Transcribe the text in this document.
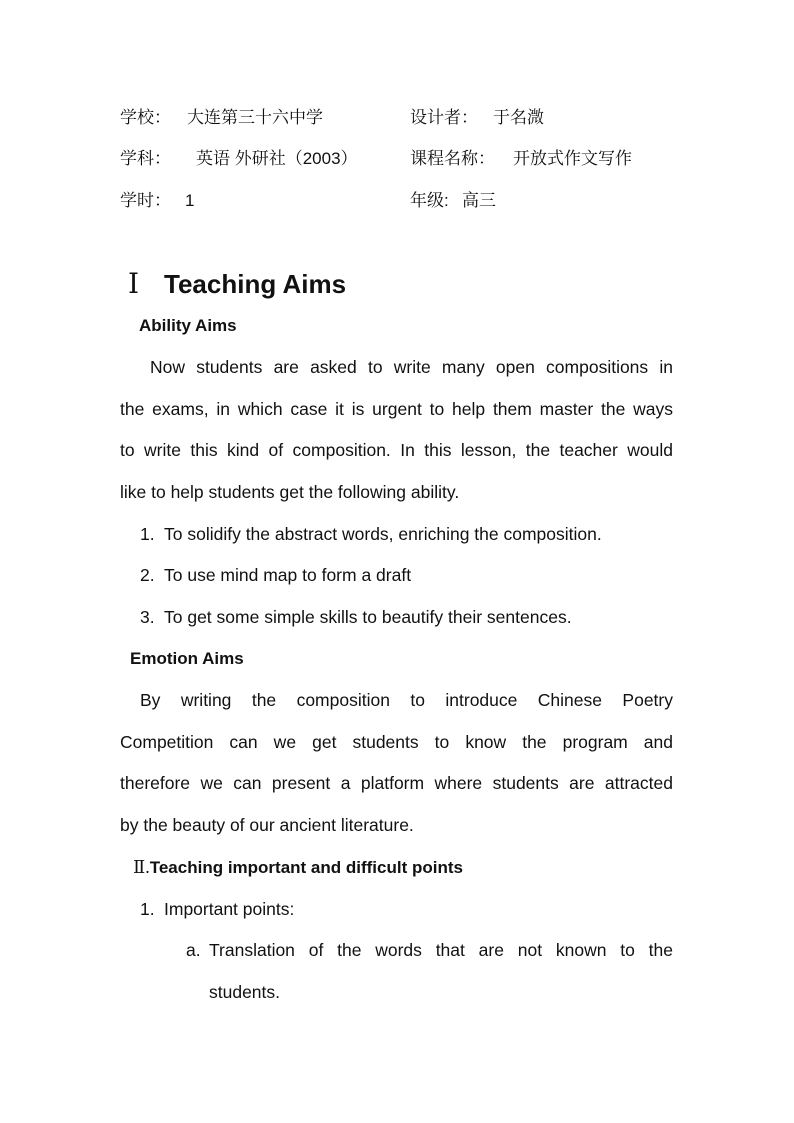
学校： 大连第三十六中学	设计者： 于名溦
学科： 英语 外研社（2003）	课程名称： 开放式作文写作
学时： 1	年级: 高三
Ⅰ Teaching Aims
Ability Aims
Now students are asked to write many open compositions in
the exams, in which case it is urgent to help them master the ways
to write this kind of composition. In this lesson, the teacher would
like to help students get the following ability.
1. To solidify the abstract words, enriching the composition.
2. To use mind map to form a draft
3. To get some simple skills to beautify their sentences.
Emotion Aims
By writing the composition to introduce Chinese Poetry
Competition can we get students to know the program and
therefore we can present a platform where students are attracted
by the beauty of our ancient literature.
Ⅱ.Teaching important and difficult points
1. Important points:
a. Translation of the words that are not known to the
students.
